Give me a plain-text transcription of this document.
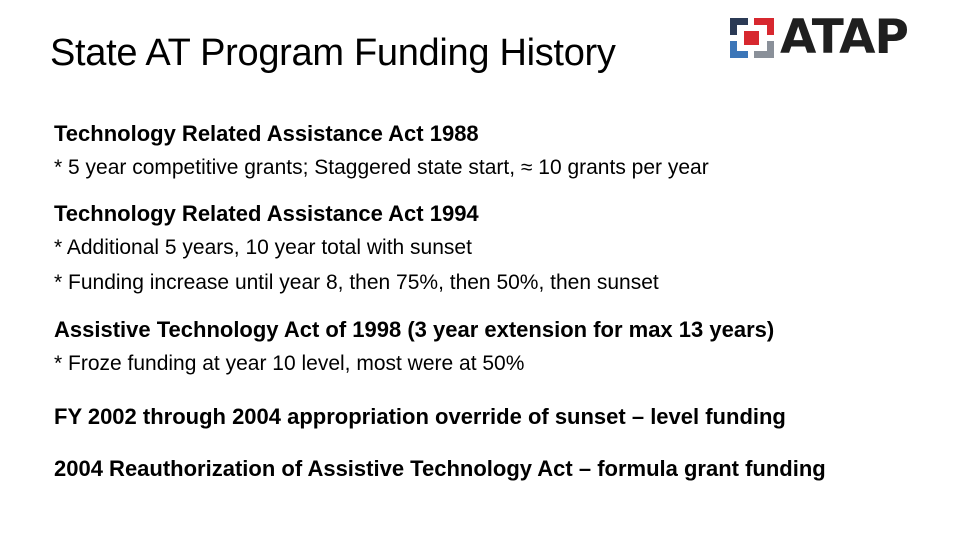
State AT Program Funding History	ATAP
Technology Related Assistance Act 1988
* 5 year competitive grants; Staggered state start, ≈ 10 grants per year
Technology Related Assistance Act 1994
* Additional 5 years, 10 year total with sunset
* Funding increase until year 8, then 75%, then 50%, then sunset
Assistive Technology Act of 1998 (3 year extension for max 13 years)
* Froze funding at year 10 level, most were at 50%
FY 2002 through 2004 appropriation override of sunset – level funding
2004 Reauthorization of Assistive Technology Act – formula grant funding
